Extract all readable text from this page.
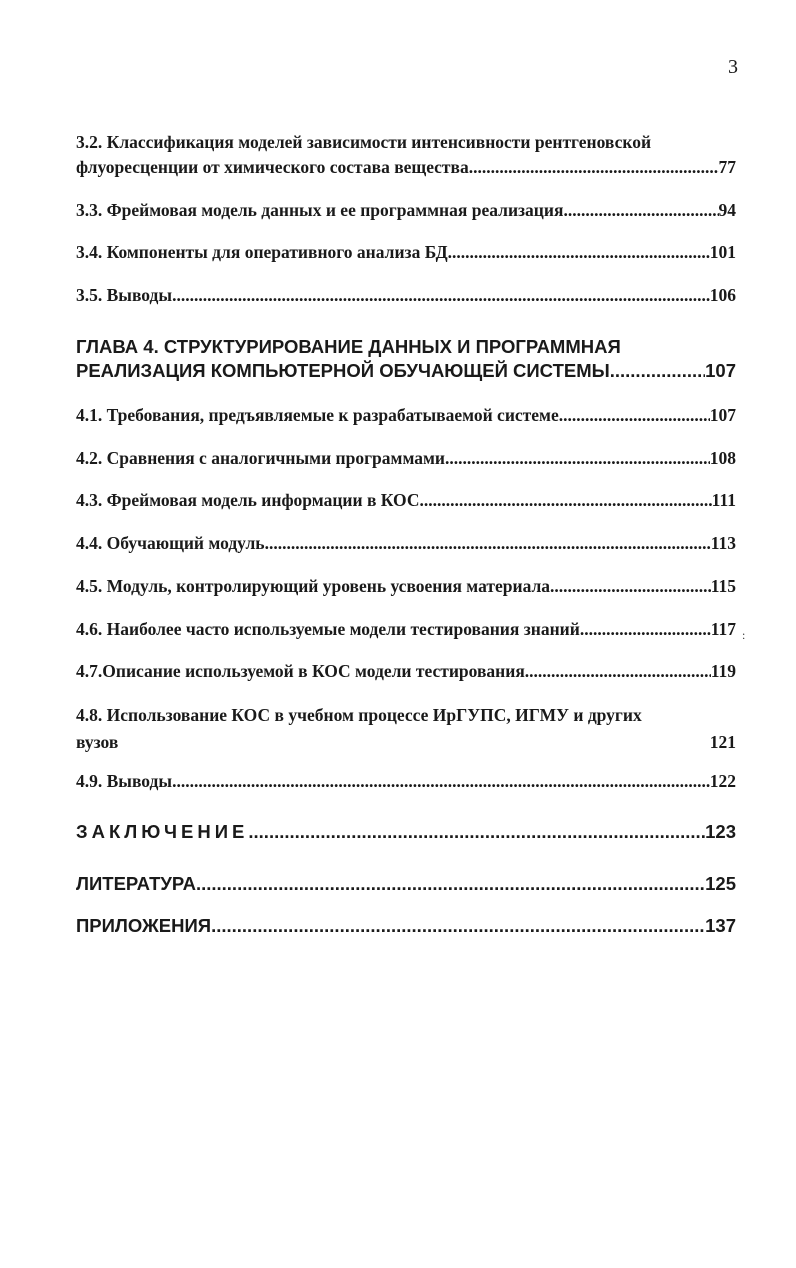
3
3.2. Классификация моделей зависимости интенсивности рентгеновской
флуоресценции от химического состава вещества .....	77
3.3. Фреймовая модель данных и ее программная реализация .....	94
3.4. Компоненты для оперативного анализа БД .....	101
3.5. Выводы .....	106
ГЛАВА 4. СТРУКТУРИРОВАНИЕ ДАННЫХ И ПРОГРАММНАЯ
РЕАЛИЗАЦИЯ КОМПЬЮТЕРНОЙ ОБУЧАЮЩЕЙ СИСТЕМЫ .....	107
4.1. Требования, предъявляемые к разрабатываемой системе .....	107
4.2. Сравнения с аналогичными программами .....	108
4.3. Фреймовая модель информации в КОС .....	111
4.4. Обучающий модуль .....	113
4.5. Модуль, контролирующий уровень усвоения материала .....	115
4.6. Наиболее часто используемые модели тестирования знаний .....	117
4.7.Описание используемой в КОС модели тестирования .....	119
4.8. Использование КОС в учебном процессе ИрГУПС, ИГМУ и других
вузов	121
4.9. Выводы .....	122
ЗАКЛЮЧЕНИЕ .....	123
ЛИТЕРАТУРА .....	125
ПРИЛОЖЕНИЯ .....	137
:
